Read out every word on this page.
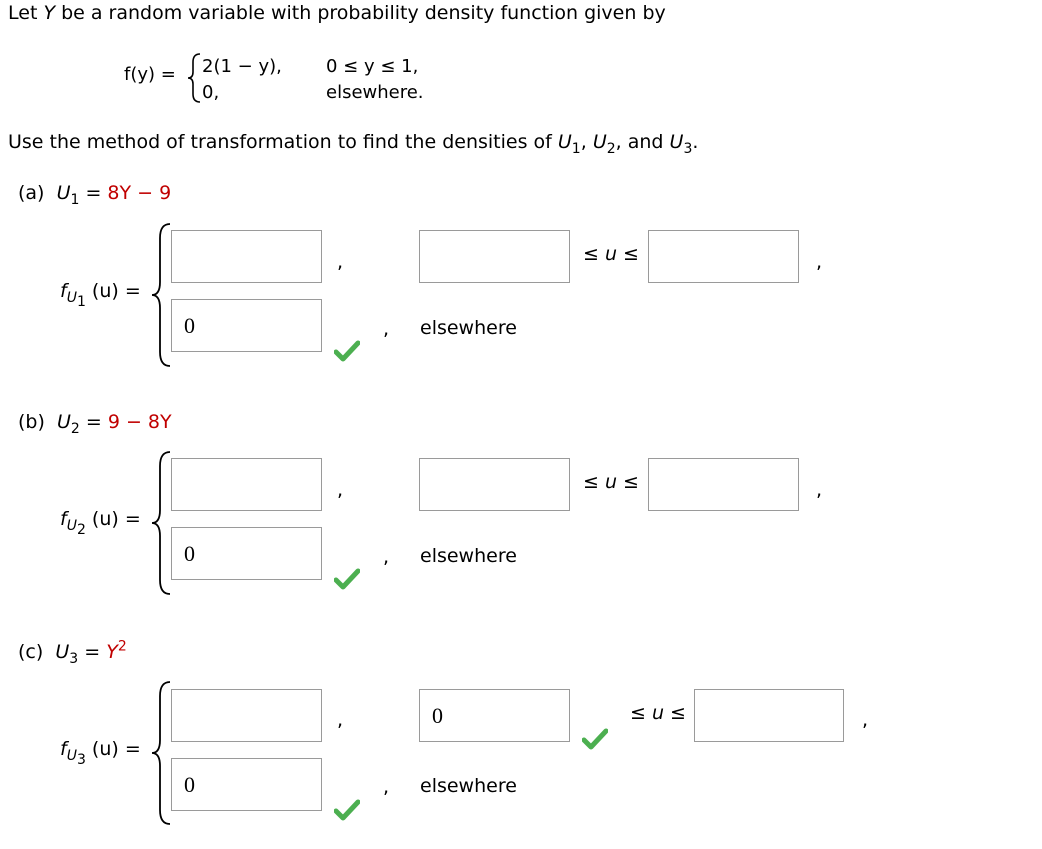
Let Y be a random variable with probability density function given by
f(y) = 2(1 − y), 0 ≤ y ≤ 1,
0,	elsewhere.
Use the method of transformation to find the densities of $U_1$, $U_2$, and $U_3$.
(a) $U_1 = 8Y - 9$
$f_{U_1}$ (u) =
,	≤ u ≤	,
0
, elsewhere
(b) $U_2 = 9 - 8Y$
$f_{U_2}$ (u) =
,	≤ u ≤	,
0
, elsewhere
(c) $U_3 = Y^2$
$f_{U_3}$ (u) =
,
0	≤ u ≤	,
0
, elsewhere
